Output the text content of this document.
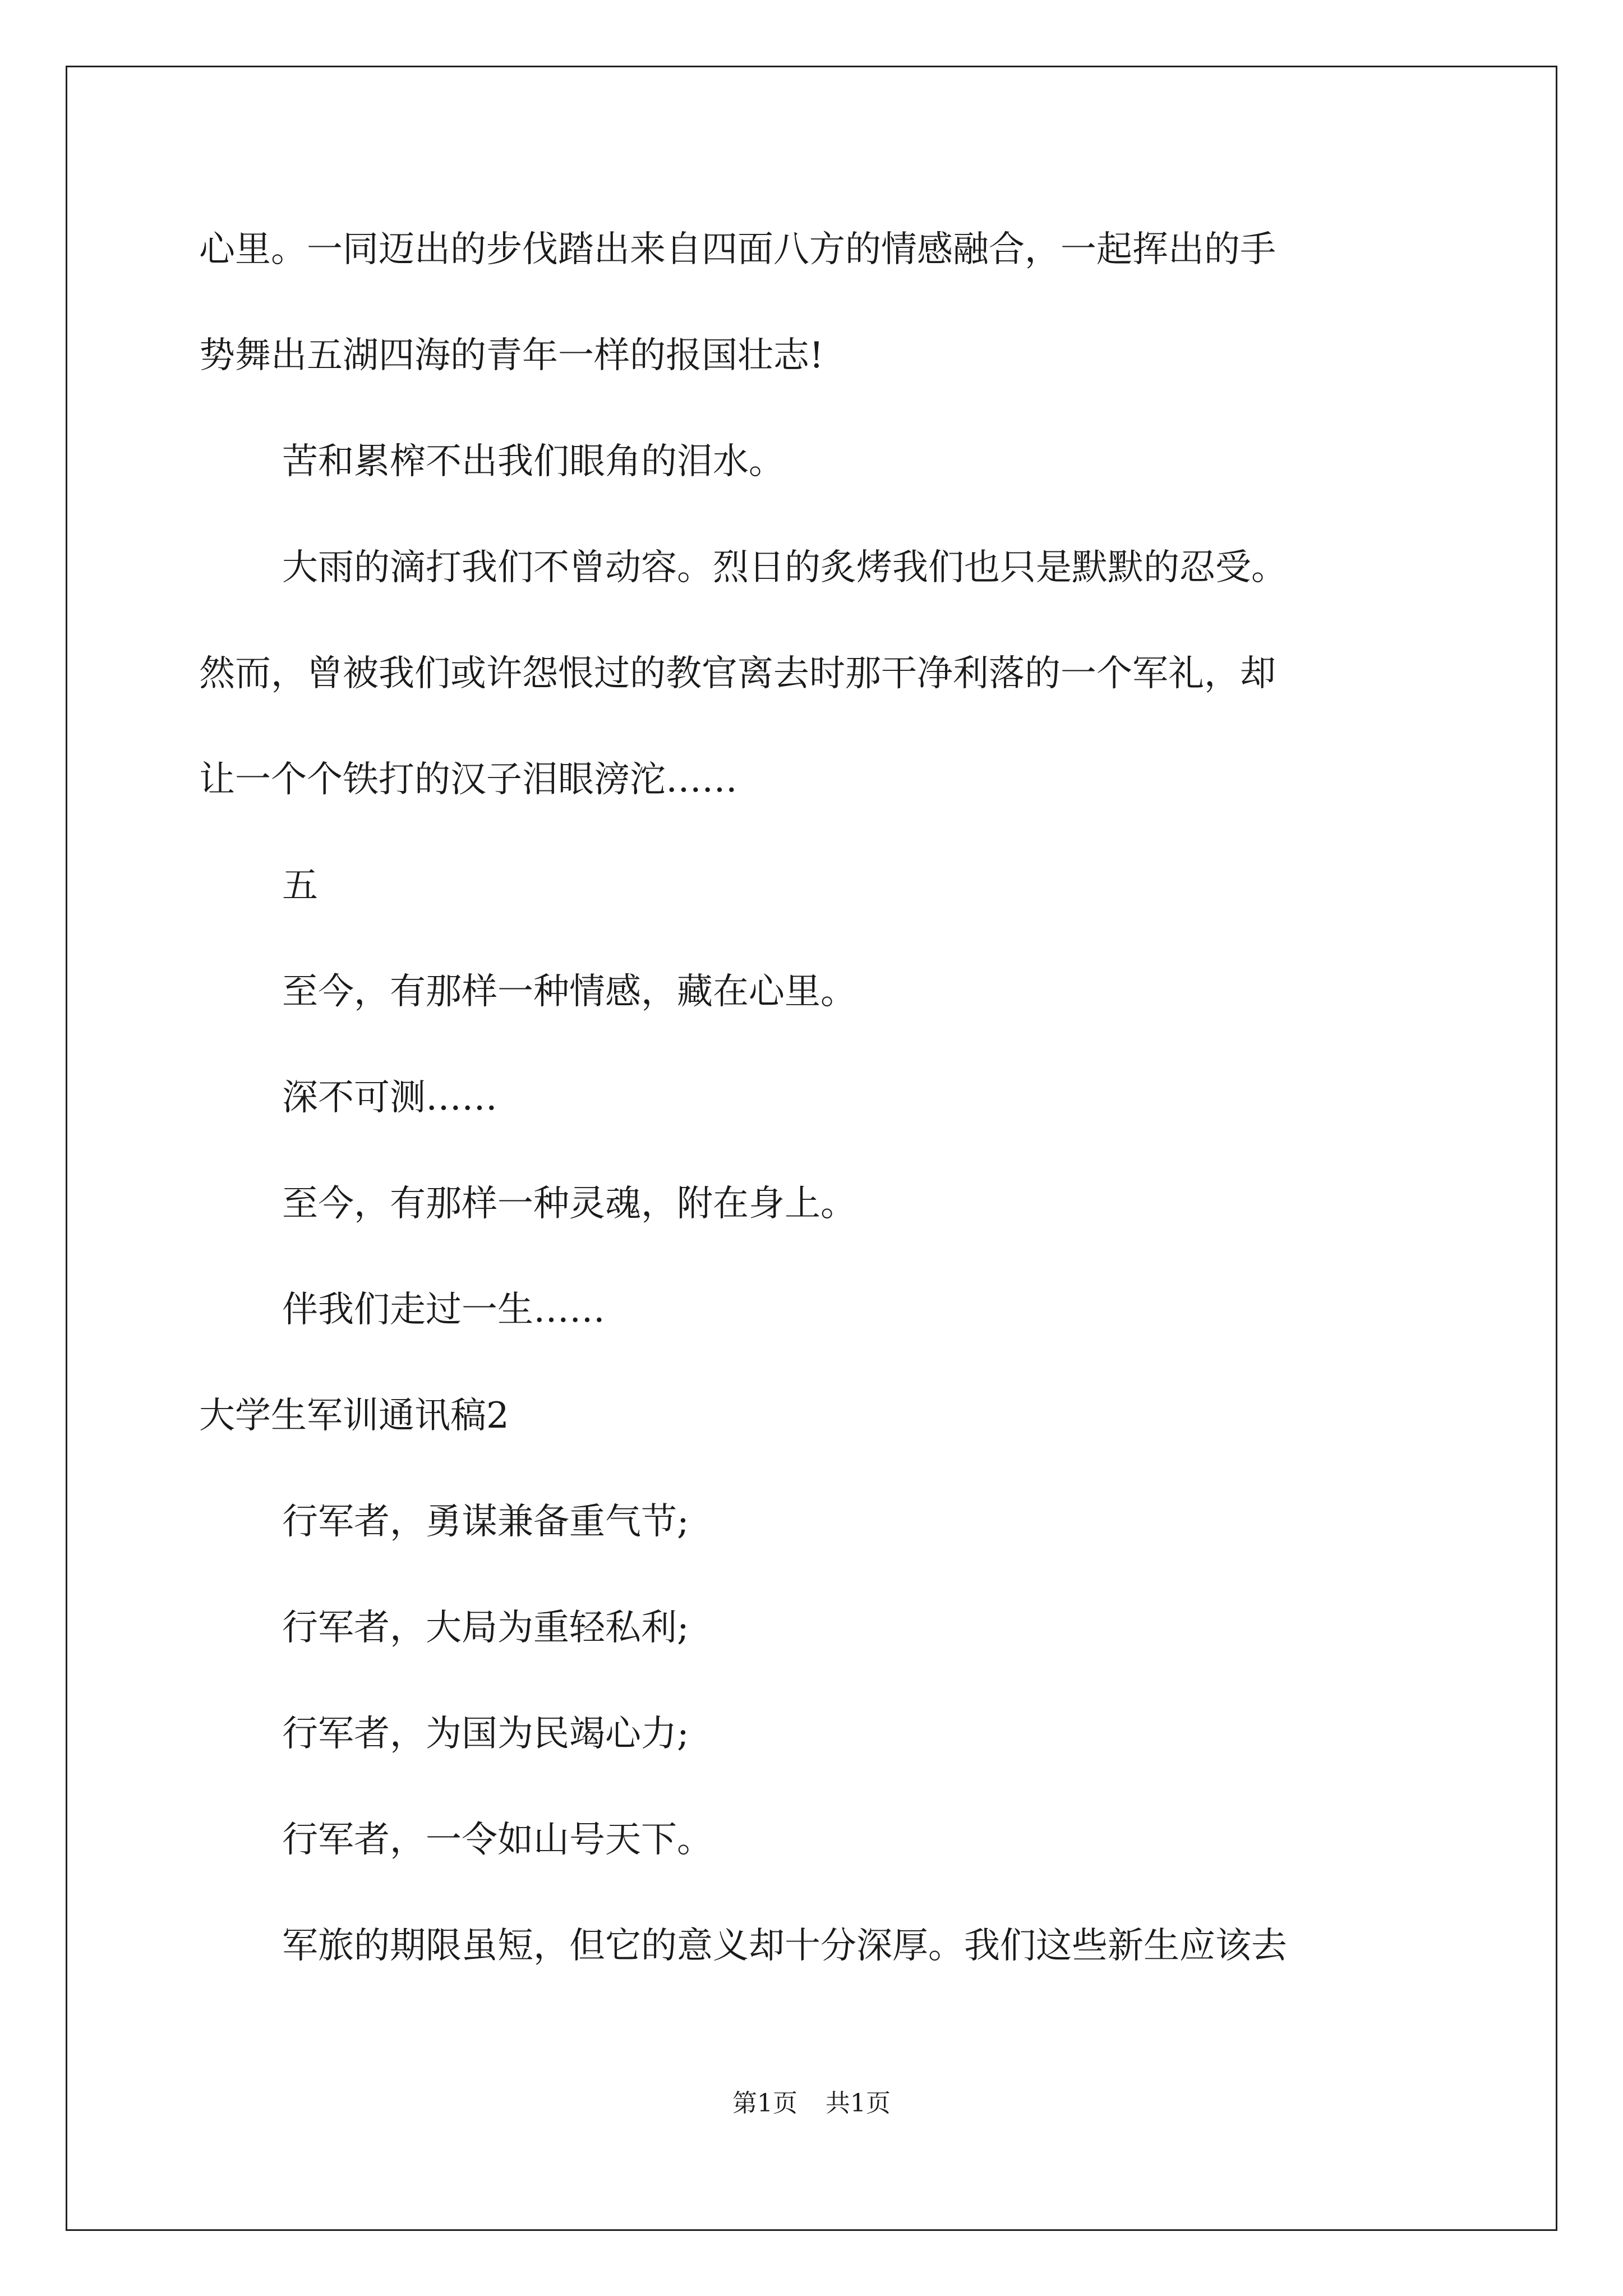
心里。一同迈出的步伐踏出来自四面八方的情感融合，一起挥出的手
势舞出五湖四海的青年一样的报国壮志!
苦和累榨不出我们眼角的泪水。
大雨的滴打我们不曾动容。烈日的炙烤我们也只是默默的忍受。
然而，曾被我们或许怨恨过的教官离去时那干净利落的一个军礼，却
让一个个铁打的汉子泪眼滂沱……
五
至今，有那样一种情感，藏在心里。
深不可测……
至今，有那样一种灵魂，附在身上。
伴我们走过一生……
大学生军训通讯稿2
行军者，勇谋兼备重气节;
行军者，大局为重轻私利;
行军者，为国为民竭心力;
行军者，一令如山号天下。
军旅的期限虽短，但它的意义却十分深厚。我们这些新生应该去
第1页 共1页
